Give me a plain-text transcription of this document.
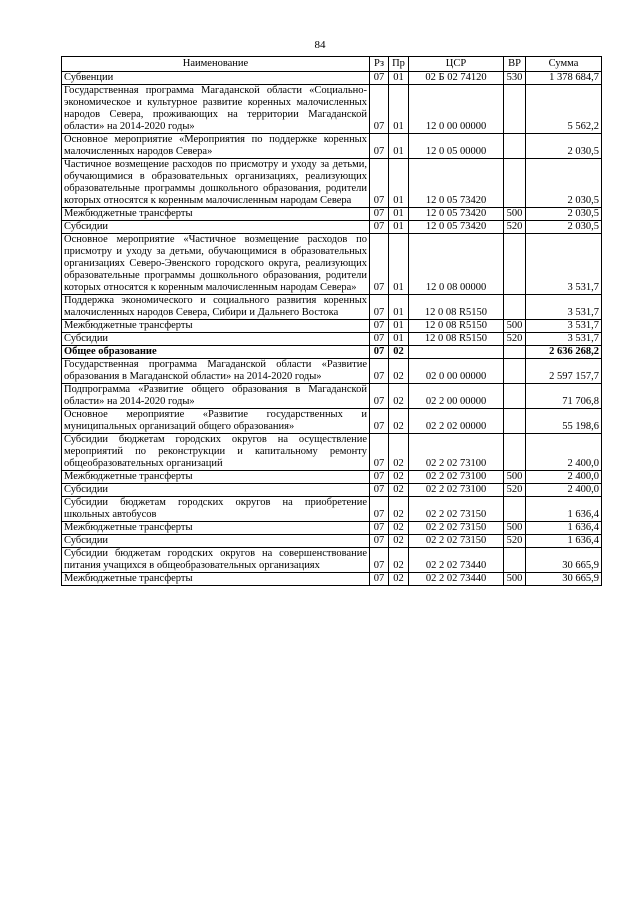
84
Наименование	Рз	Пр	ЦСР	ВР	Сумма
Субвенции	07	01	02 Б 02 74120	530	1 378 684,7
Государственная программа Магаданской области «Социально-экономическое и культурное развитие коренных малочисленных народов Севера, проживающих на территории Магаданской области» на 2014-2020 годы»	07	01	12 0 00 00000		5 562,2
Основное мероприятие «Мероприятия по поддержке коренных малочисленных народов Севера»	07	01	12 0 05 00000		2 030,5
Частичное возмещение расходов по присмотру и уходу за детьми, обучающимися в образовательных организациях, реализующих образовательные программы дошкольного образования, родители которых относятся к коренным малочисленным народам Севера	07	01	12 0 05 73420		2 030,5
Межбюджетные трансферты	07	01	12 0 05 73420	500	2 030,5
Субсидии	07	01	12 0 05 73420	520	2 030,5
Основное мероприятие «Частичное возмещение расходов по присмотру и уходу за детьми, обучающимися в образовательных организациях Северо-Эвенского городского округа, реализующих образовательные программы дошкольного образования, родители которых относятся к коренным малочисленным народам Севера»	07	01	12 0 08 00000		3 531,7
Поддержка экономического и социального развития коренных малочисленных народов Севера, Сибири и Дальнего Востока	07	01	12 0 08 R5150		3 531,7
Межбюджетные трансферты	07	01	12 0 08 R5150	500	3 531,7
Субсидии	07	01	12 0 08 R5150	520	3 531,7
Общее образование	07	02			2 636 268,2
Государственная программа Магаданской области «Развитие образования в Магаданской области» на 2014-2020 годы»	07	02	02 0 00 00000		2 597 157,7
Подпрограмма «Развитие общего образования в Магаданской области» на 2014-2020 годы»	07	02	02 2 00 00000		71 706,8
Основное мероприятие «Развитие государственных и муниципальных организаций общего образования»	07	02	02 2 02 00000		55 198,6
Субсидии бюджетам городских округов на осуществление мероприятий по реконструкции и капитальному ремонту общеобразовательных организаций	07	02	02 2 02 73100		2 400,0
Межбюджетные трансферты	07	02	02 2 02 73100	500	2 400,0
Субсидии	07	02	02 2 02 73100	520	2 400,0
Субсидии бюджетам городских округов на приобретение школьных автобусов	07	02	02 2 02 73150		1 636,4
Межбюджетные трансферты	07	02	02 2 02 73150	500	1 636,4
Субсидии	07	02	02 2 02 73150	520	1 636,4
Субсидии бюджетам городских округов на совершенствование питания учащихся в общеобразовательных организациях	07	02	02 2 02 73440		30 665,9
Межбюджетные трансферты	07	02	02 2 02 73440	500	30 665,9
